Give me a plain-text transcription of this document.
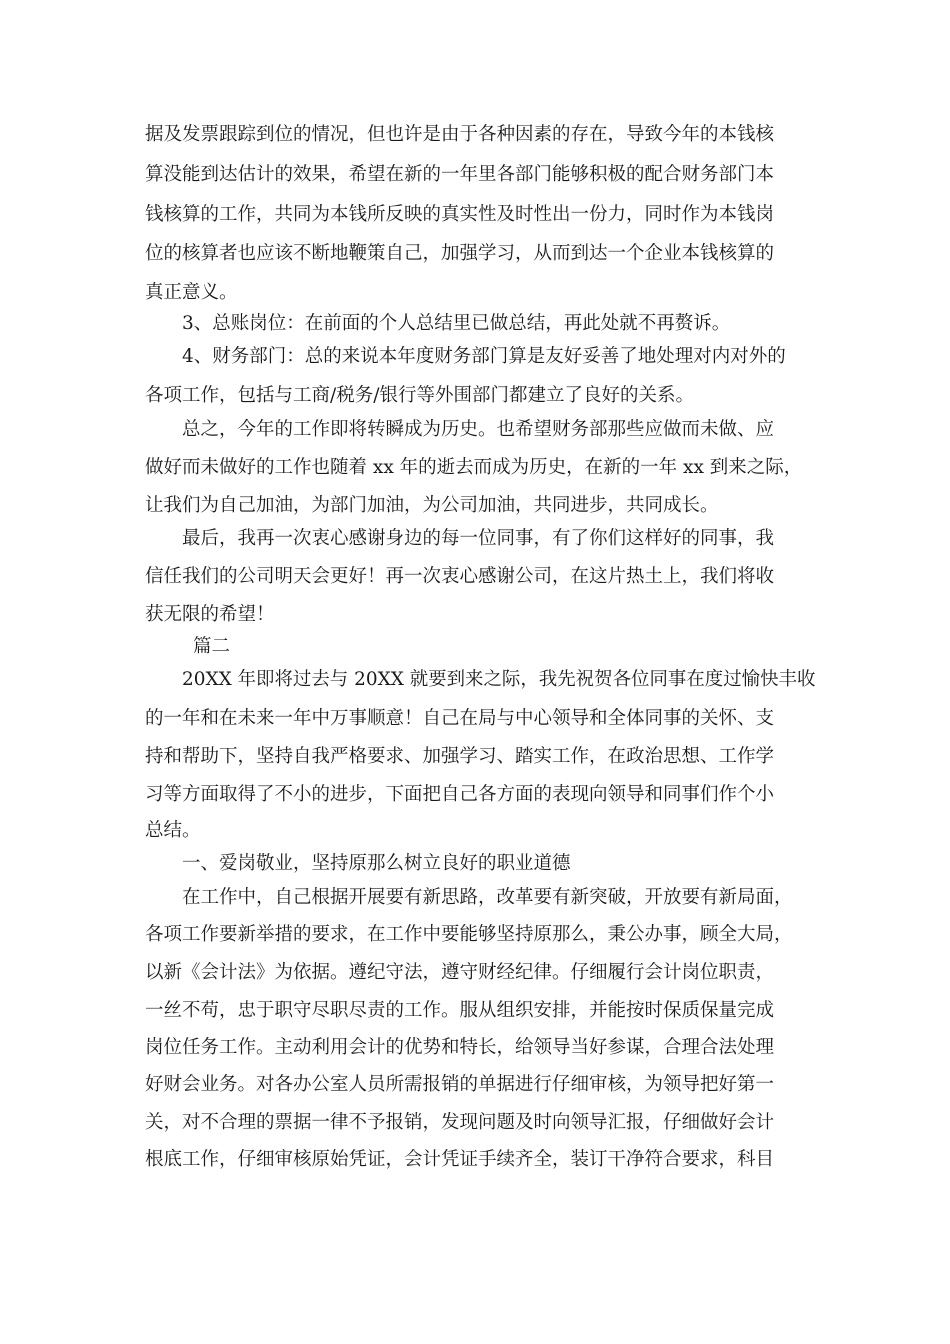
据及发票跟踪到位的情况，但也许是由于各种因素的存在，导致今年的本钱核
算没能到达估计的效果，希望在新的一年里各部门能够积极的配合财务部门本
钱核算的工作，共同为本钱所反映的真实性及时性出一份力，同时作为本钱岗
位的核算者也应该不断地鞭策自己，加强学习，从而到达一个企业本钱核算的
真正意义。
3、总账岗位：在前面的个人总结里已做总结，再此处就不再赘诉。
4、财务部门：总的来说本年度财务部门算是友好妥善了地处理对内对外的
各项工作，包括与工商/税务/银行等外围部门都建立了良好的关系。
总之，今年的工作即将转瞬成为历史。也希望财务部那些应做而未做、应
做好而未做好的工作也随着 xx 年的逝去而成为历史，在新的一年 xx 到来之际，
让我们为自己加油，为部门加油，为公司加油，共同进步，共同成长。
最后，我再一次衷心感谢身边的每一位同事，有了你们这样好的同事，我
信任我们的公司明天会更好！再一次衷心感谢公司，在这片热土上，我们将收
获无限的希望！
篇二
20XX 年即将过去与 20XX 就要到来之际，我先祝贺各位同事在度过愉快丰收
的一年和在未来一年中万事顺意！自己在局与中心领导和全体同事的关怀、支
持和帮助下，坚持自我严格要求、加强学习、踏实工作，在政治思想、工作学
习等方面取得了不小的进步，下面把自己各方面的表现向领导和同事们作个小
总结。
一、爱岗敬业，坚持原那么树立良好的职业道德
在工作中，自己根据开展要有新思路，改革要有新突破，开放要有新局面，
各项工作要新举措的要求，在工作中要能够坚持原那么，秉公办事，顾全大局，
以新《会计法》为依据。遵纪守法，遵守财经纪律。仔细履行会计岗位职责，
一丝不苟，忠于职守尽职尽责的工作。服从组织安排，并能按时保质保量完成
岗位任务工作。主动利用会计的优势和特长，给领导当好参谋，合理合法处理
好财会业务。对各办公室人员所需报销的单据进行仔细审核，为领导把好第一
关，对不合理的票据一律不予报销，发现问题及时向领导汇报，仔细做好会计
根底工作，仔细审核原始凭证，会计凭证手续齐全，装订干净符合要求，科目
